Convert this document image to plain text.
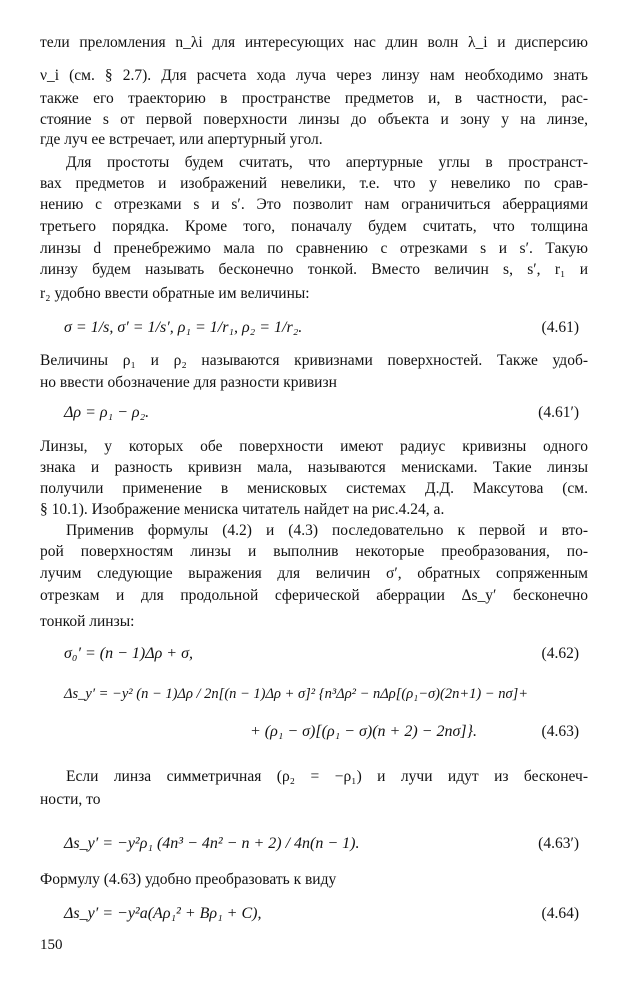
тели преломления n_λi для интересующих нас длин волн λ_i и дисперсию
ν_i (см. § 2.7). Для расчета хода луча через линзу нам необходимо знать
также его траекторию в пространстве предметов и, в частности, рас-
стояние s от первой поверхности линзы до объекта и зону y на линзе,
где луч ее встречает, или апертурный угол.
Для простоты будем считать, что апертурные углы в пространст-
вах предметов и изображений невелики, т.е. что y невелико по срав-
нению с отрезками s и s′. Это позволит нам ограничиться аберрациями
третьего порядка. Кроме того, поначалу будем считать, что толщина
линзы d пренебрежимо мала по сравнению с отрезками s и s′. Такую
линзу будем называть бесконечно тонкой. Вместо величин s, s′, r₁ и
r₂ удобно ввести обратные им величины:
σ = 1/s, σ′ = 1/s′, ρ₁ = 1/r₁, ρ₂ = 1/r₂.	(4.61)
Величины ρ₁ и ρ₂ называются кривизнами поверхностей. Также удоб-
но ввести обозначение для разности кривизн
Δρ = ρ₁ − ρ₂.	(4.61′)
Линзы, у которых обе поверхности имеют радиус кривизны одного
знака и разность кривизн мала, называются менисками. Такие линзы
получили применение в менисковых системах Д.Д. Максутова (см.
§ 10.1). Изображение мениска читатель найдет на рис.4.24, а.
Применив формулы (4.2) и (4.3) последовательно к первой и вто-
рой поверхностям линзы и выполнив некоторые преобразования, по-
лучим следующие выражения для величин σ′, обратных сопряженным
отрезкам и для продольной сферической аберрации Δs_y′ бесконечно
тонкой линзы:
σ₀′ = (n − 1)Δρ + σ,	(4.62)
Δs_y′ = −y² (n − 1)Δρ / 2n[(n − 1)Δρ + σ]² {n³Δρ² − nΔρ[(ρ₁−σ)(2n+1) − nσ]+
+ (ρ₁ − σ)[(ρ₁ − σ)(n + 2) − 2nσ]}.	(4.63)
Если линза симметричная (ρ₂ = −ρ₁) и лучи идут из бесконеч-
ности, то
Δs_y′ = −y²ρ₁ (4n³ − 4n² − n + 2) / 4n(n − 1).	(4.63′)
Формулу (4.63) удобно преобразовать к виду
Δs_y′ = −y²a(Aρ₁² + Bρ₁ + C),	(4.64)
150
